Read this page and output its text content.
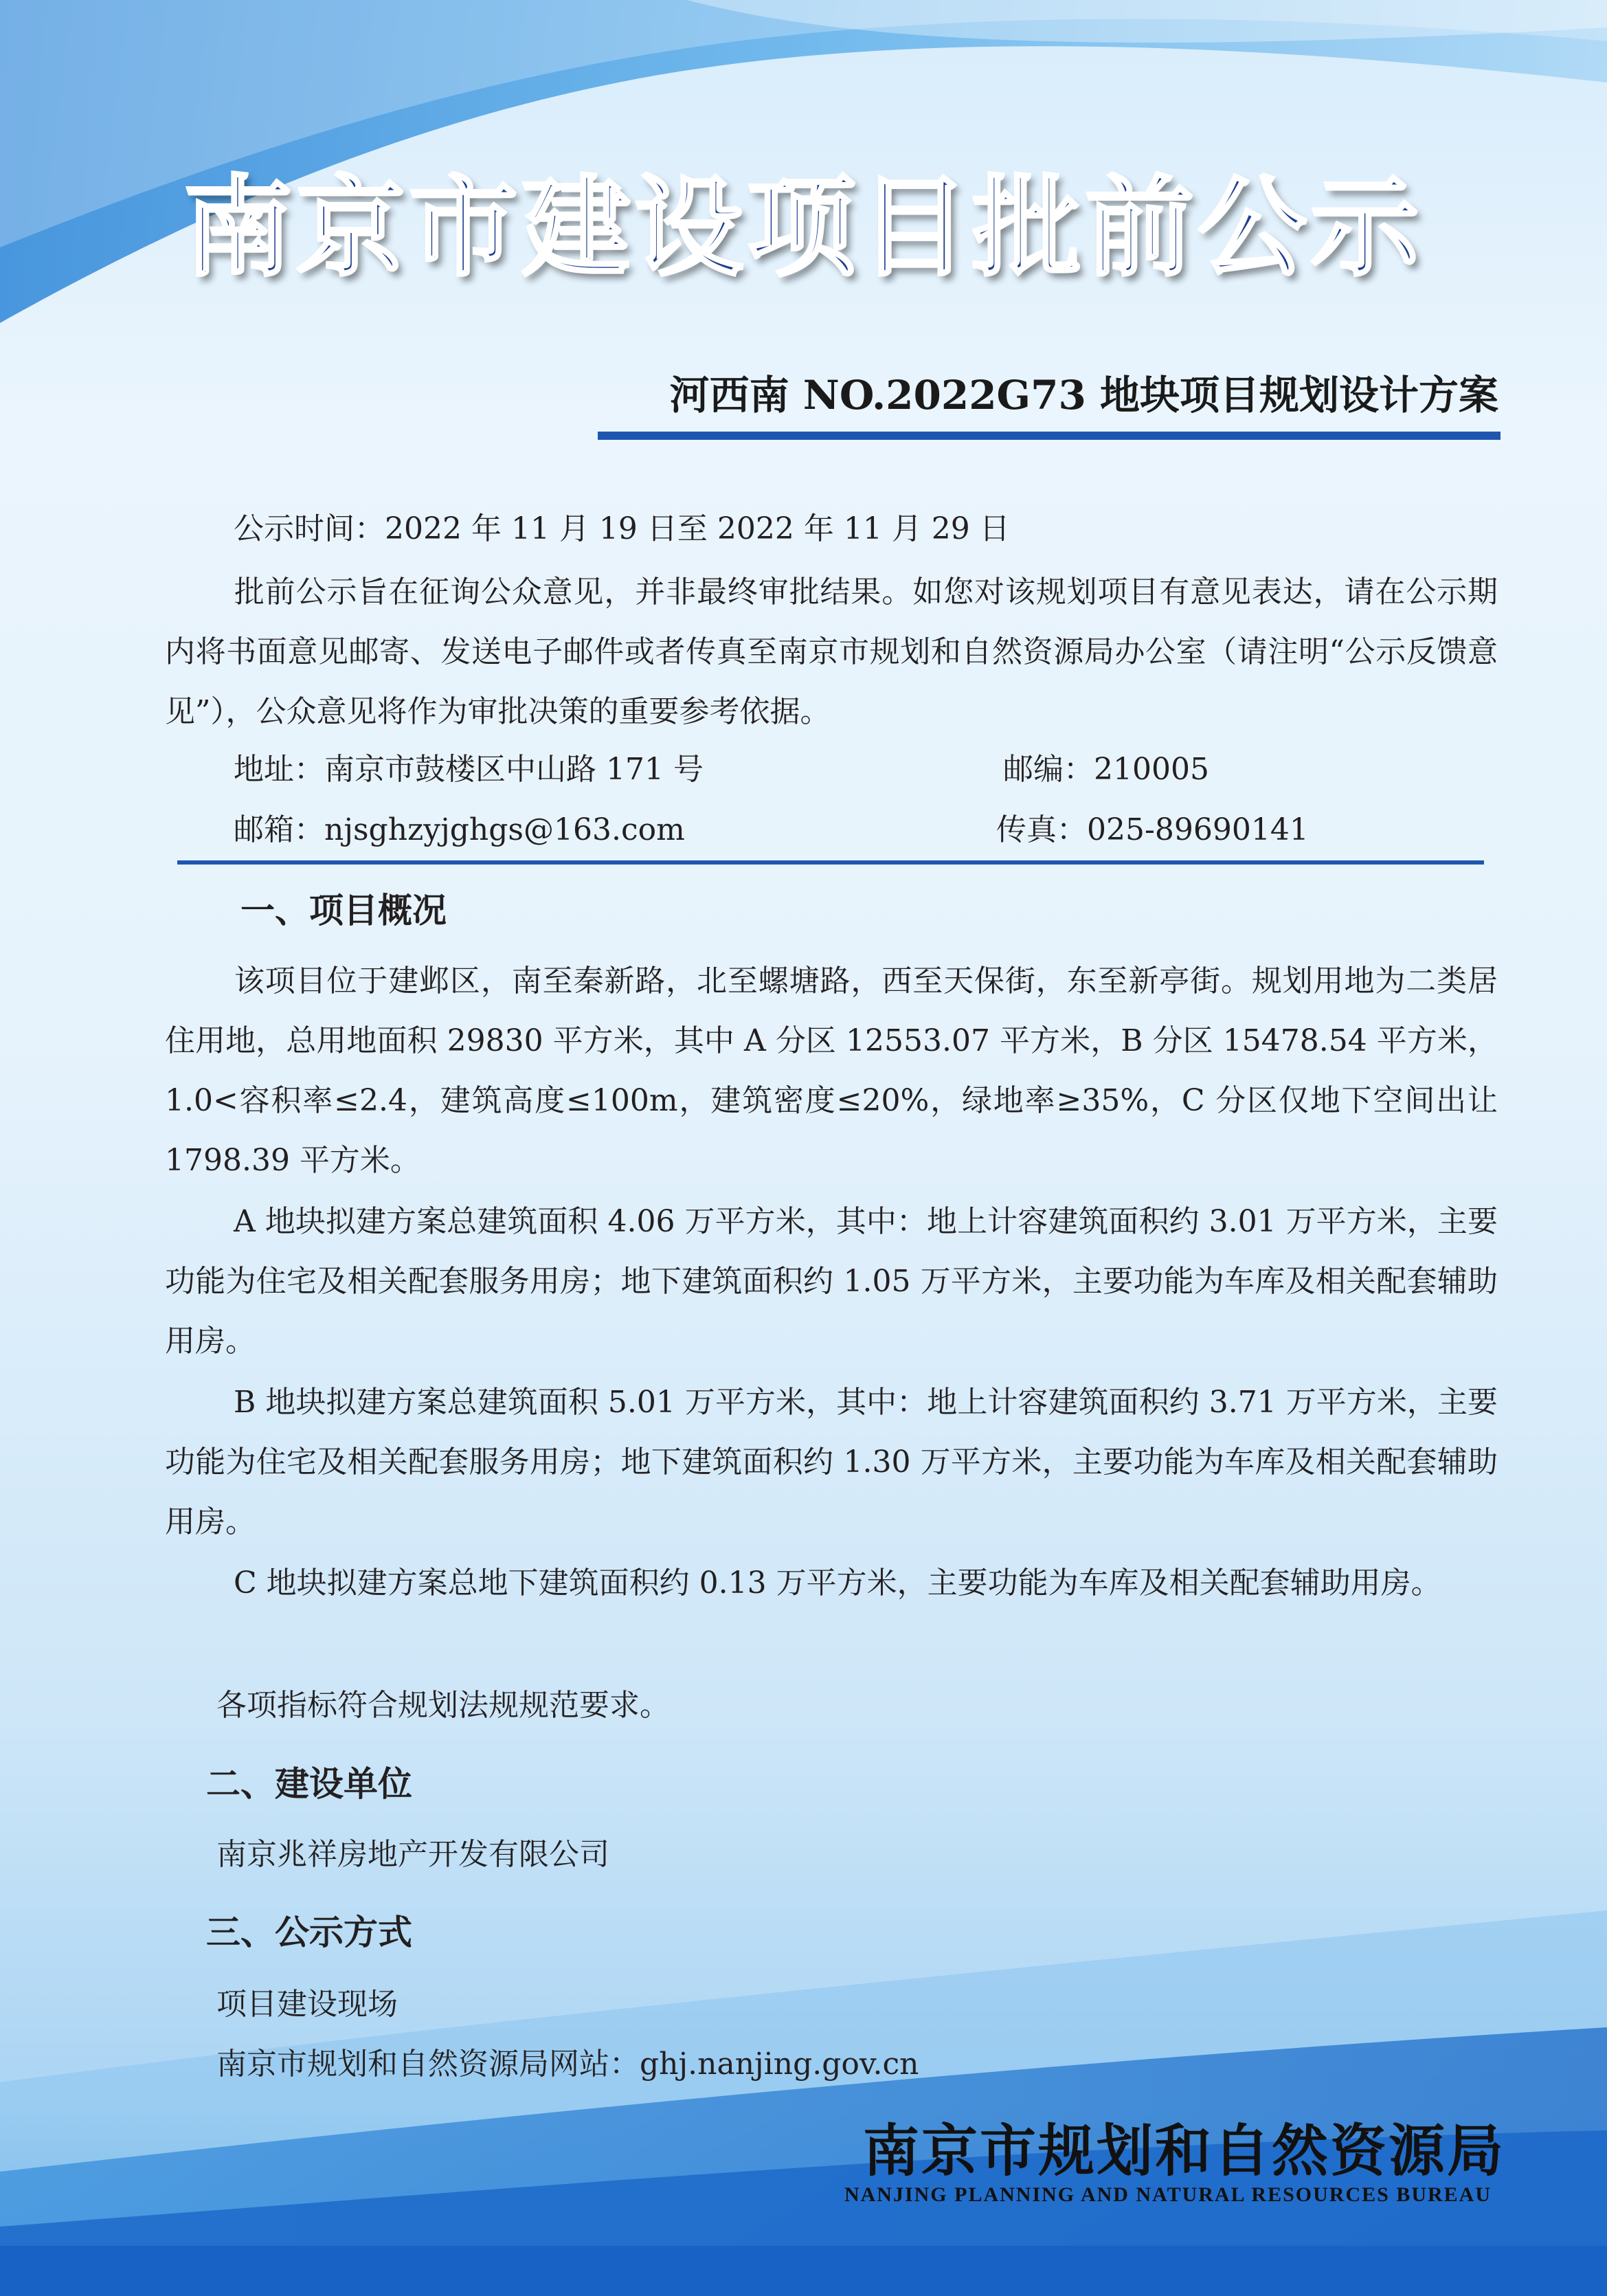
南京市建设项目批前公示
河西南 NO.2022G73 地块项目规划设计方案
公示时间：2022 年 11 月 19 日至 2022 年 11 月 29 日
批前公示旨在征询公众意见，并非最终审批结果。如您对该规划项目有意见表达，请在公示期内将书面意见邮寄、发送电子邮件或者传真至南京市规划和自然资源局办公室（请注明“公示反馈意见”），公众意见将作为审批决策的重要参考依据。
地址：南京市鼓楼区中山路 171 号	邮编：210005
邮箱：njsghzyjghgs@163.com	传真：025-89690141
一、项目概况
该项目位于建邺区，南至秦新路，北至螺塘路，西至天保街，东至新亭街。规划用地为二类居住用地，总用地面积 29830 平方米，其中 A 分区 12553.07 平方米，B 分区 15478.54 平方米，1.0<容积率≤2.4，建筑高度≤100m，建筑密度≤20%，绿地率≥35%，C 分区仅地下空间出让 1798.39 平方米。
A 地块拟建方案总建筑面积 4.06 万平方米，其中：地上计容建筑面积约 3.01 万平方米，主要功能为住宅及相关配套服务用房；地下建筑面积约 1.05 万平方米，主要功能为车库及相关配套辅助用房。
B 地块拟建方案总建筑面积 5.01 万平方米，其中：地上计容建筑面积约 3.71 万平方米，主要功能为住宅及相关配套服务用房；地下建筑面积约 1.30 万平方米，主要功能为车库及相关配套辅助用房。
C 地块拟建方案总地下建筑面积约 0.13 万平方米，主要功能为车库及相关配套辅助用房。
各项指标符合规划法规规范要求。
二、建设单位
南京兆祥房地产开发有限公司
三、公示方式
项目建设现场
南京市规划和自然资源局网站：ghj.nanjing.gov.cn
南京市规划和自然资源局
NANJING PLANNING AND NATURAL RESOURCES BUREAU
